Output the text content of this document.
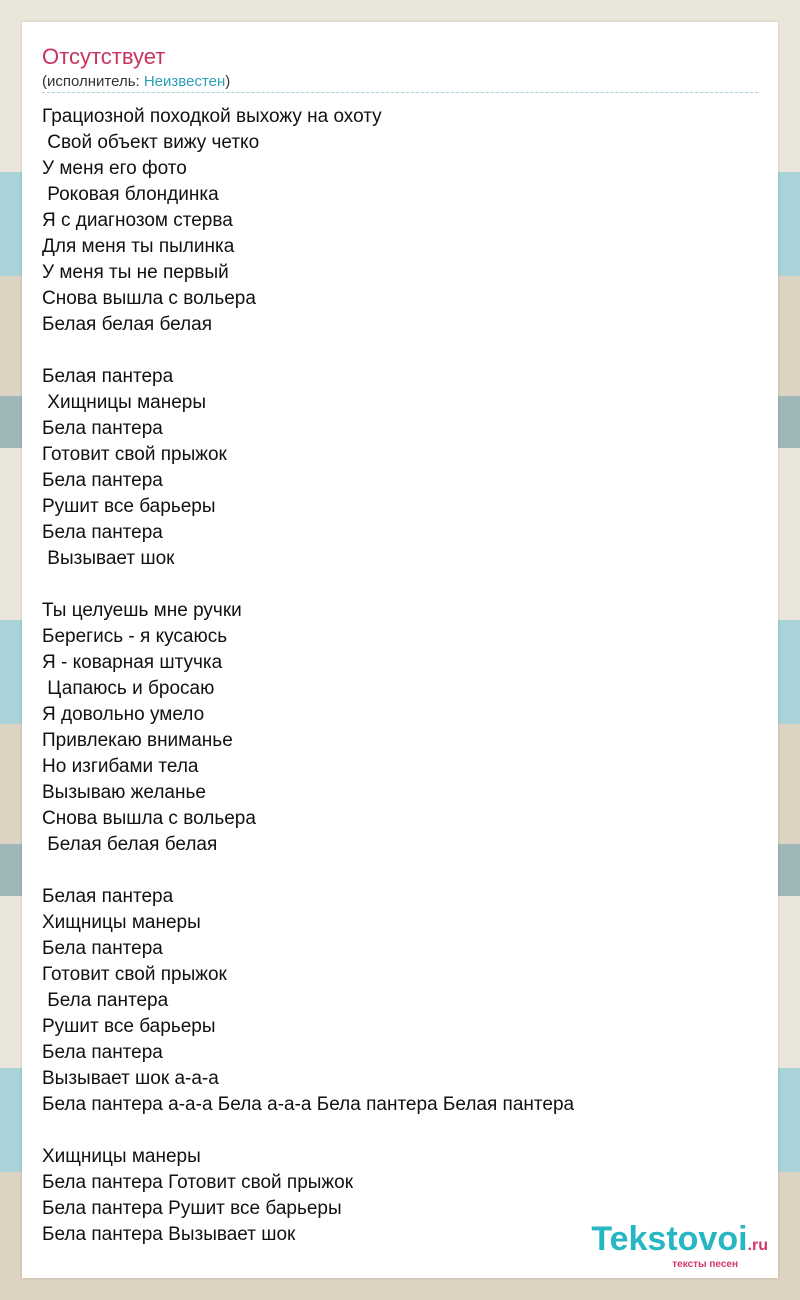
Отсутствует
(исполнитель: Неизвестен)
Грациозной походкой выхожу на охоту
Свой объект вижу четко
У меня его фото
Роковая блондинка
Я с диагнозом стерва
Для меня ты пылинка
У меня ты не первый
Снова вышла с вольера
Белая белая белая
Белая пантера
Хищницы манеры
Бела пантера
Готовит свой прыжок
Бела пантера
Рушит все барьеры
Бела пантера
Вызывает шок
Ты целуешь мне ручки
Берегись - я кусаюсь
Я - коварная штучка
Цапаюсь и бросаю
Я довольно умело
Привлекаю вниманье
Но изгибами тела
Вызываю желанье
Снова вышла с вольера
Белая белая белая
Белая пантера
Хищницы манеры
Бела пантера
Готовит свой прыжок
Бела пантера
Рушит все барьеры
Бела пантера
Вызывает шок а-а-а
Бела пантера а-а-а Бела а-а-а Бела пантера Белая пантера
Хищницы манеры
Бела пантера Готовит свой прыжок
Бела пантера Рушит все барьеры
Бела пантера Вызывает шок	Tekstovoi.ru
тексты песен
